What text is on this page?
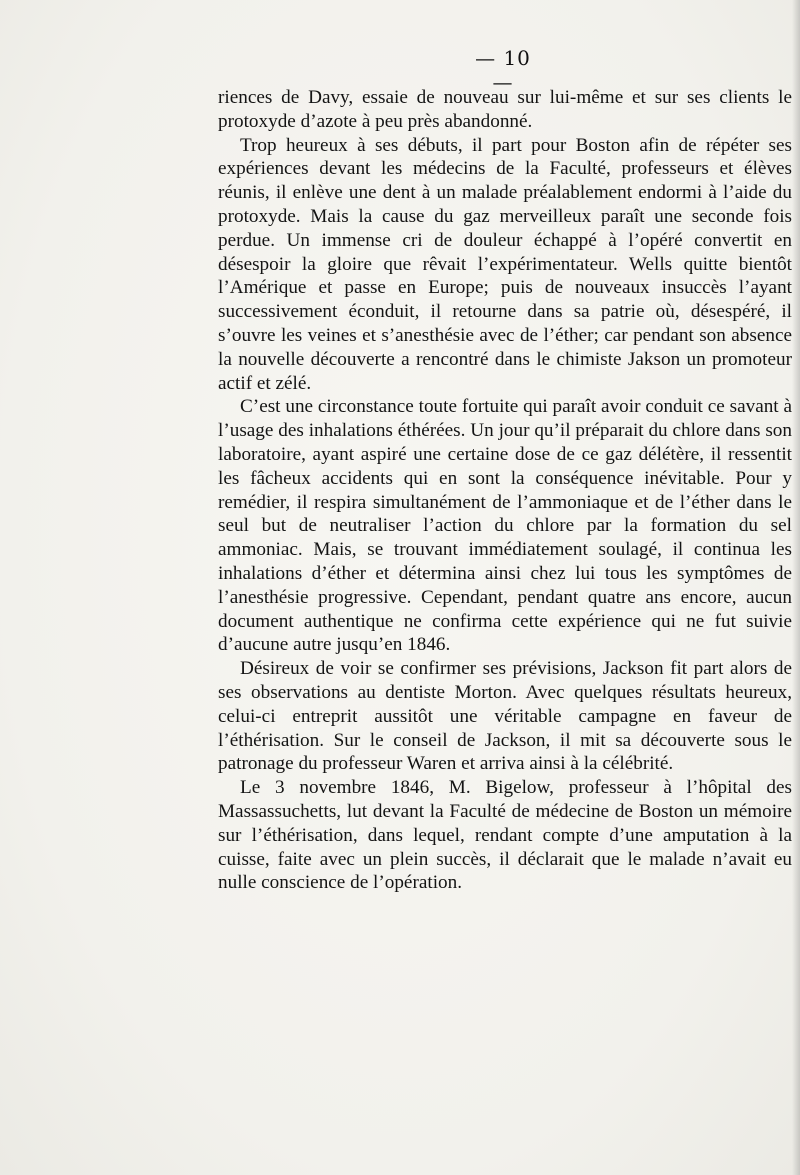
— 10 —

riences de Davy, essaie de nouveau sur lui-même et sur ses clients le protoxyde d’azote à peu près abandonné.

Trop heureux à ses débuts, il part pour Boston afin de répéter ses expériences devant les médecins de la Faculté, professeurs et élèves réunis, il enlève une dent à un malade préalablement endormi à l’aide du protoxyde. Mais la cause du gaz merveilleux paraît une seconde fois perdue. Un immense cri de douleur échappé à l’opéré convertit en désespoir la gloire que rêvait l’expérimentateur. Wells quitte bientôt l’Amérique et passe en Europe; puis de nouveaux insuccès l’ayant successivement éconduit, il retourne dans sa patrie où, désespéré, il s’ouvre les veines et s’anesthésie avec de l’éther; car pendant son absence la nouvelle découverte a rencontré dans le chimiste Jakson un promoteur actif et zélé.

C’est une circonstance toute fortuite qui paraît avoir conduit ce savant à l’usage des inhalations éthérées. Un jour qu’il préparait du chlore dans son laboratoire, ayant aspiré une certaine dose de ce gaz délétère, il ressentit les fâcheux accidents qui en sont la conséquence inévitable. Pour y remédier, il respira simultanément de l’ammoniaque et de l’éther dans le seul but de neutraliser l’action du chlore par la formation du sel ammoniac. Mais, se trouvant immédiatement soulagé, il continua les inhalations d’éther et détermina ainsi chez lui tous les symptômes de l’anesthésie progressive. Cependant, pendant quatre ans encore, aucun document authentique ne confirma cette expérience qui ne fut suivie d’aucune autre jusqu’en 1846.

Désireux de voir se confirmer ses prévisions, Jackson fit part alors de ses observations au dentiste Morton. Avec quelques résultats heureux, celui-ci entreprit aussitôt une véritable campagne en faveur de l’éthérisation. Sur le conseil de Jackson, il mit sa découverte sous le patronage du professeur Waren et arriva ainsi à la célébrité.

Le 3 novembre 1846, M. Bigelow, professeur à l’hôpital des Massassuchetts, lut devant la Faculté de médecine de Boston un mémoire sur l’éthérisation, dans lequel, rendant compte d’une amputation à la cuisse, faite avec un plein succès, il déclarait que le malade n’avait eu nulle conscience de l’opération.
